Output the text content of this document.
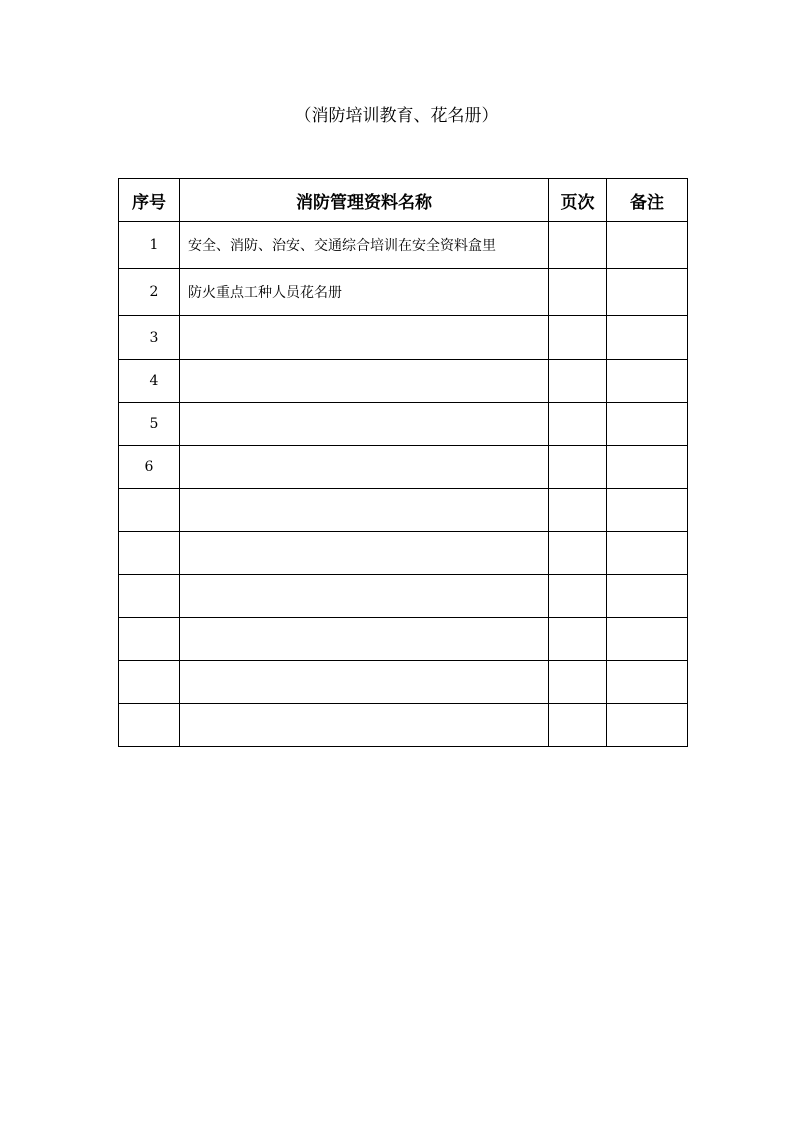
（消防培训教育、花名册）
序号	消防管理资料名称	页次	备注
1	安全、消防、治安、交通综合培训在安全资料盒里		
2	防火重点工种人员花名册		
3			
4			
5			
6			
